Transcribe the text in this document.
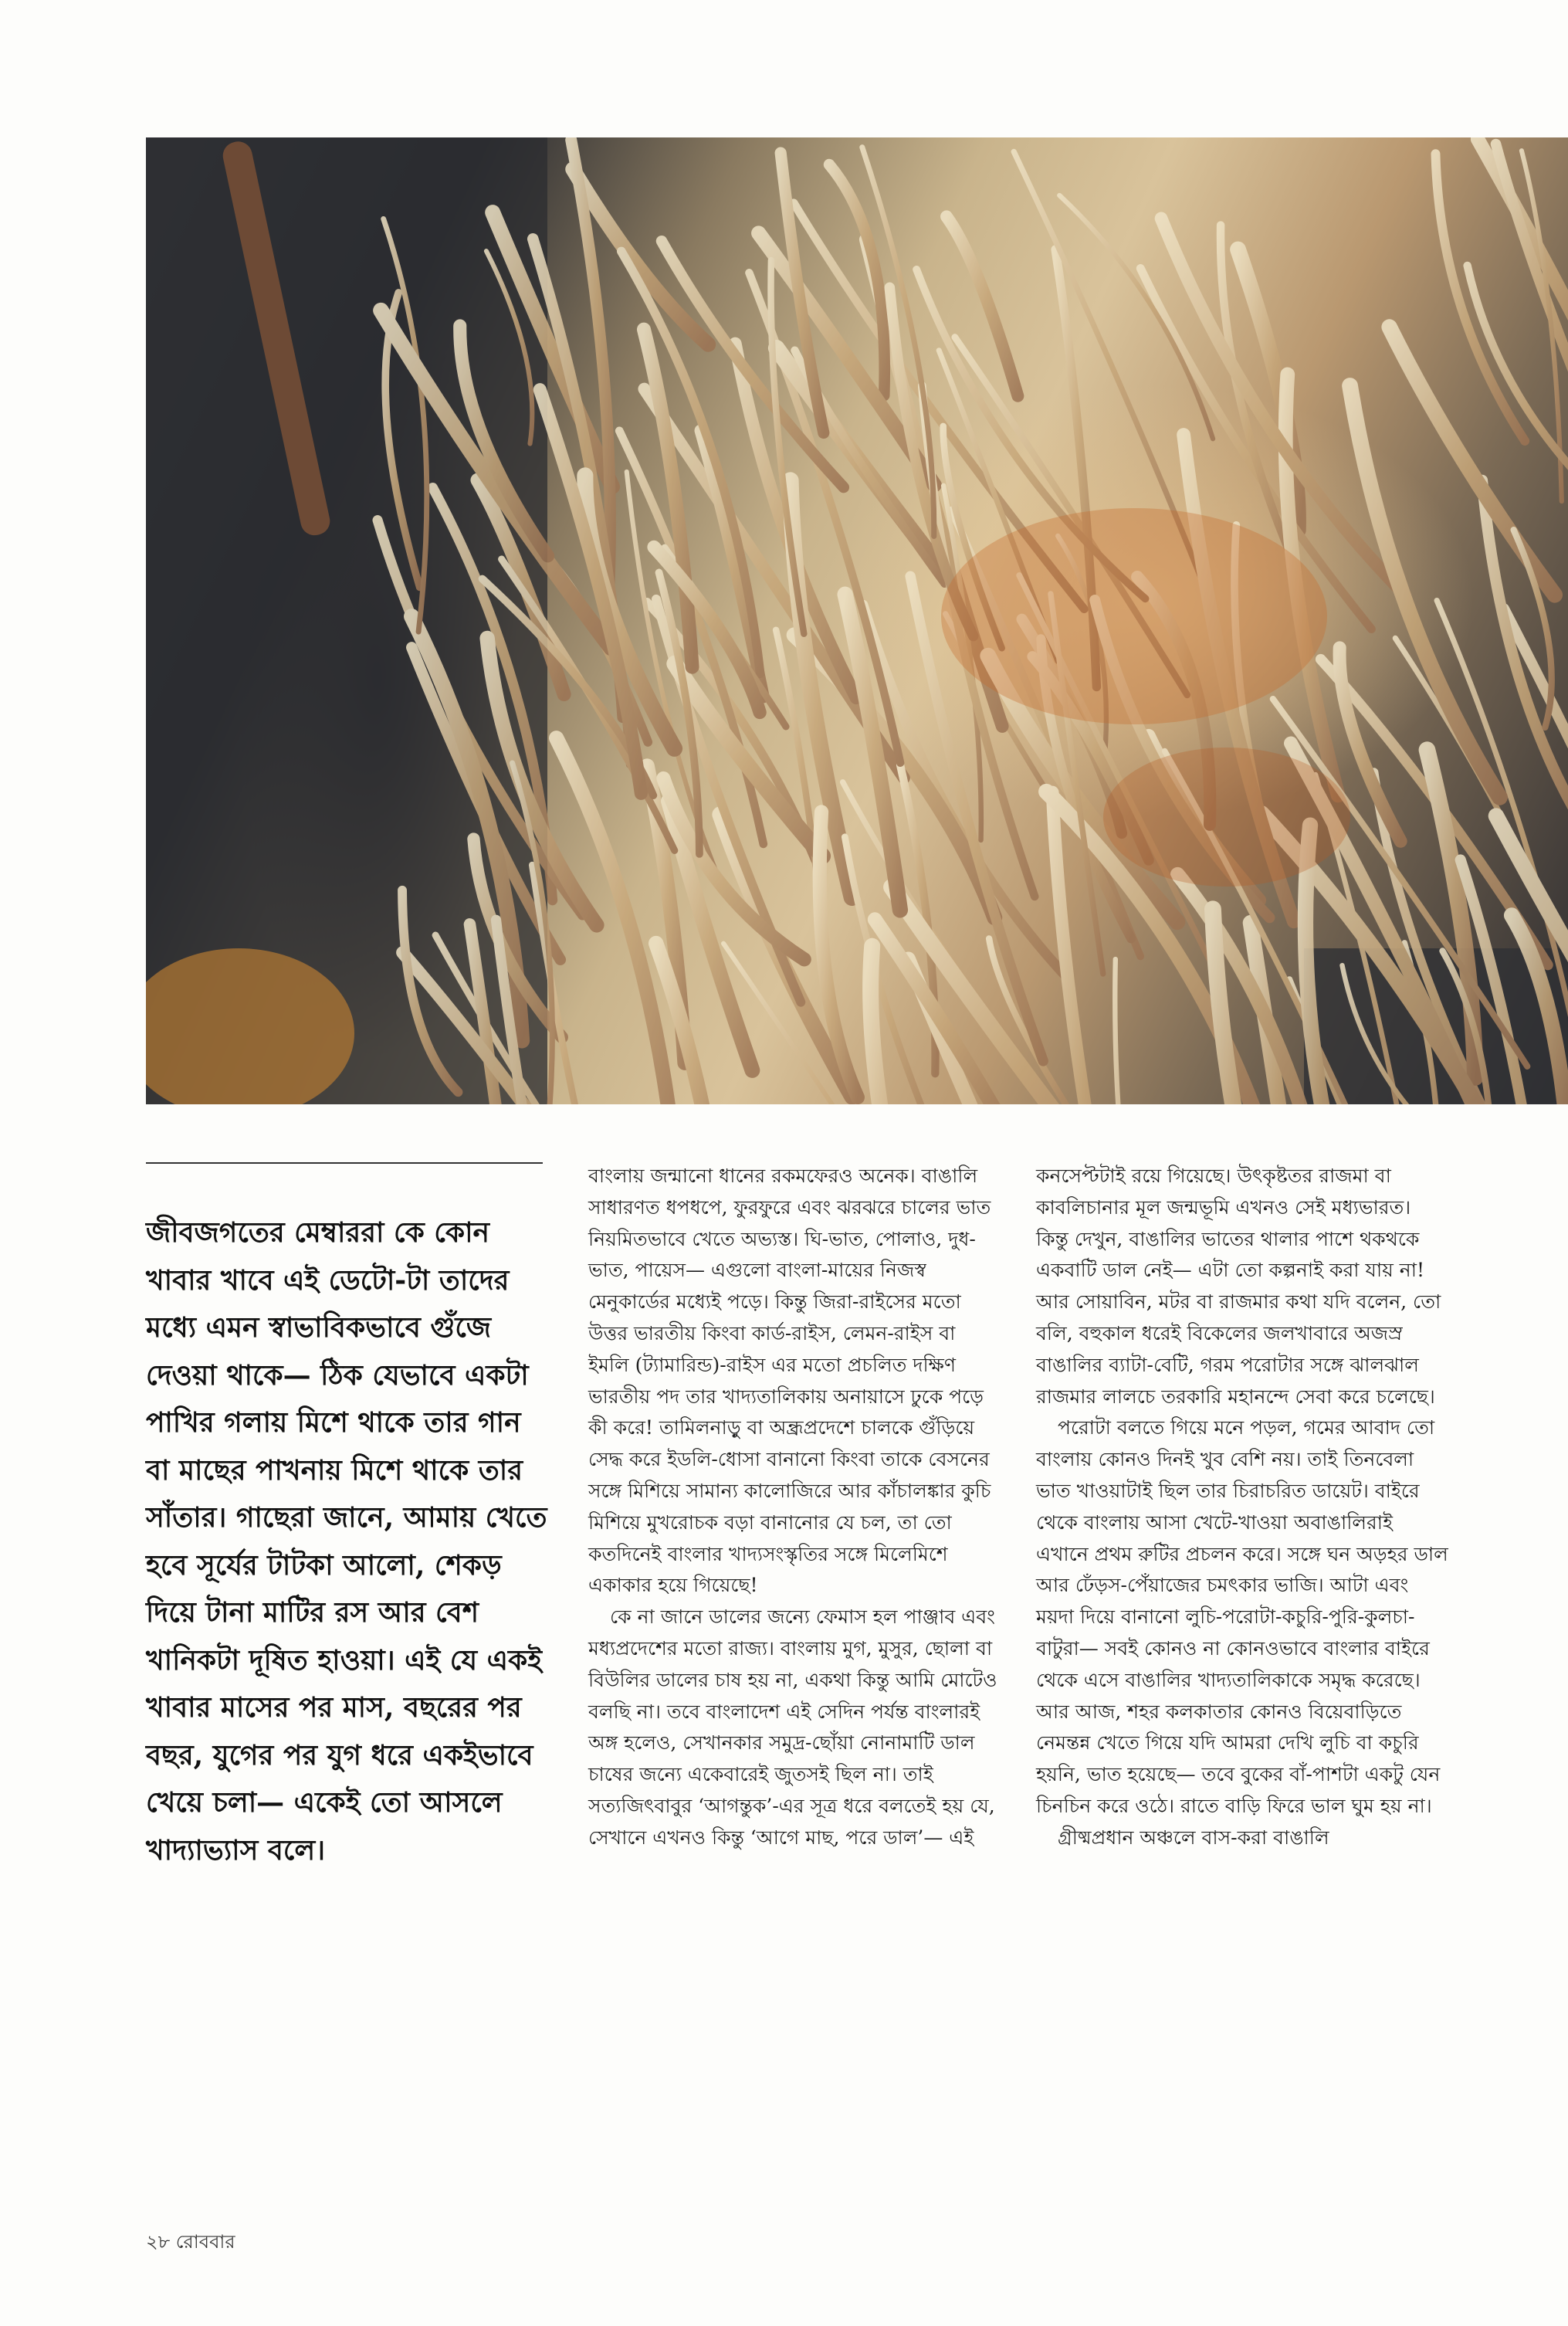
জীবজগতের মেম্বাররা কে কোন খাবার খাবে এই ডেটো-টা তাদের মধ্যে এমন স্বাভাবিকভাবে গুঁজে দেওয়া থাকে— ঠিক যেভাবে একটা পাখির গলায় মিশে থাকে তার গান বা মাছের পাখনায় মিশে থাকে তার সাঁতার। গাছেরা জানে, আমায় খেতে হবে সূর্যের টাটকা আলো, শেকড় দিয়ে টানা মাটির রস আর বেশ খানিকটা দূষিত হাওয়া। এই যে একই খাবার মাসের পর মাস, বছরের পর বছর, যুগের পর যুগ ধরে একইভাবে খেয়ে চলা— একেই তো আসলে খাদ্যাভ্যাস বলে।

বাংলায় জন্মানো ধানের রকমফেরও অনেক। বাঙালি সাধারণত ধপধপে, ফুরফুরে এবং ঝরঝরে চালের ভাত নিয়মিতভাবে খেতে অভ্যস্ত। ঘি-ভাত, পোলাও, দুধ-ভাত, পায়েস— এগুলো বাংলা-মায়ের নিজস্ব মেনুকার্ডের মধ্যেই পড়ে। কিন্তু জিরা-রাইসের মতো উত্তর ভারতীয় কিংবা কার্ড-রাইস, লেমন-রাইস বা ইমলি (ট্যামারিন্ড)-রাইস এর মতো প্রচলিত দক্ষিণ ভারতীয় পদ তার খাদ্যতালিকায় অনায়াসে ঢুকে পড়ে কী করে! তামিলনাড়ু বা অন্ধ্রপ্রদেশে চালকে গুঁড়িয়ে সেদ্ধ করে ইডলি-ধোসা বানানো কিংবা তাকে বেসনের সঙ্গে মিশিয়ে সামান্য কালোজিরে আর কাঁচালঙ্কার কুচি মিশিয়ে মুখরোচক বড়া বানানোর যে চল, তা তো কতদিনেই বাংলার খাদ্যসংস্কৃতির সঙ্গে মিলেমিশে একাকার হয়ে গিয়েছে!

কে না জানে ডালের জন্যে ফেমাস হল পাঞ্জাব এবং মধ্যপ্রদেশের মতো রাজ্য। বাংলায় মুগ, মুসুর, ছোলা বা বিউলির ডালের চাষ হয় না, একথা কিন্তু আমি মোটেও বলছি না। তবে বাংলাদেশ এই সেদিন পর্যন্ত বাংলারই অঙ্গ হলেও, সেখানকার সমুদ্র-ছোঁয়া নোনামাটি ডাল চাষের জন্যে একেবারেই জুতসই ছিল না। তাই সত্যজিৎবাবুর ‘আগন্তুক’-এর সূত্র ধরে বলতেই হয় যে, সেখানে এখনও কিন্তু ‘আগে মাছ, পরে ডাল’— এই

কনসেপ্টটাই রয়ে গিয়েছে। উৎকৃষ্টতর রাজমা বা কাবলিচানার মূল জন্মভূমি এখনও সেই মধ্যভারত। কিন্তু দেখুন, বাঙালির ভাতের থালার পাশে থকথকে একবাটি ডাল নেই— এটা তো কল্পনাই করা যায় না! আর সোয়াবিন, মটর বা রাজমার কথা যদি বলেন, তো বলি, বহুকাল ধরেই বিকেলের জলখাবারে অজস্র বাঙালির ব্যাটা-বেটি, গরম পরোটার সঙ্গে ঝালঝাল রাজমার লালচে তরকারি মহানন্দে সেবা করে চলেছে।

পরোটা বলতে গিয়ে মনে পড়ল, গমের আবাদ তো বাংলায় কোনও দিনই খুব বেশি নয়। তাই তিনবেলা ভাত খাওয়াটাই ছিল তার চিরাচরিত ডায়েট। বাইরে থেকে বাংলায় আসা খেটে-খাওয়া অবাঙালিরাই এখানে প্রথম রুটির প্রচলন করে। সঙ্গে ঘন অড়হর ডাল আর ঢেঁড়স-পেঁয়াজের চমৎকার ভাজি। আটা এবং ময়দা দিয়ে বানানো লুচি-পরোটা-কচুরি-পুরি-কুলচা-বাটুরা— সবই কোনও না কোনওভাবে বাংলার বাইরে থেকে এসে বাঙালির খাদ্যতালিকাকে সমৃদ্ধ করেছে। আর আজ, শহর কলকাতার কোনও বিয়েবাড়িতে নেমন্তন্ন খেতে গিয়ে যদি আমরা দেখি লুচি বা কচুরি হয়নি, ভাত হয়েছে— তবে বুকের বাঁ-পাশটা একটু যেন চিনচিন করে ওঠে। রাতে বাড়ি ফিরে ভাল ঘুম হয় না।

গ্রীষ্মপ্রধান অঞ্চলে বাস-করা বাঙালি

২৮ রোববার
